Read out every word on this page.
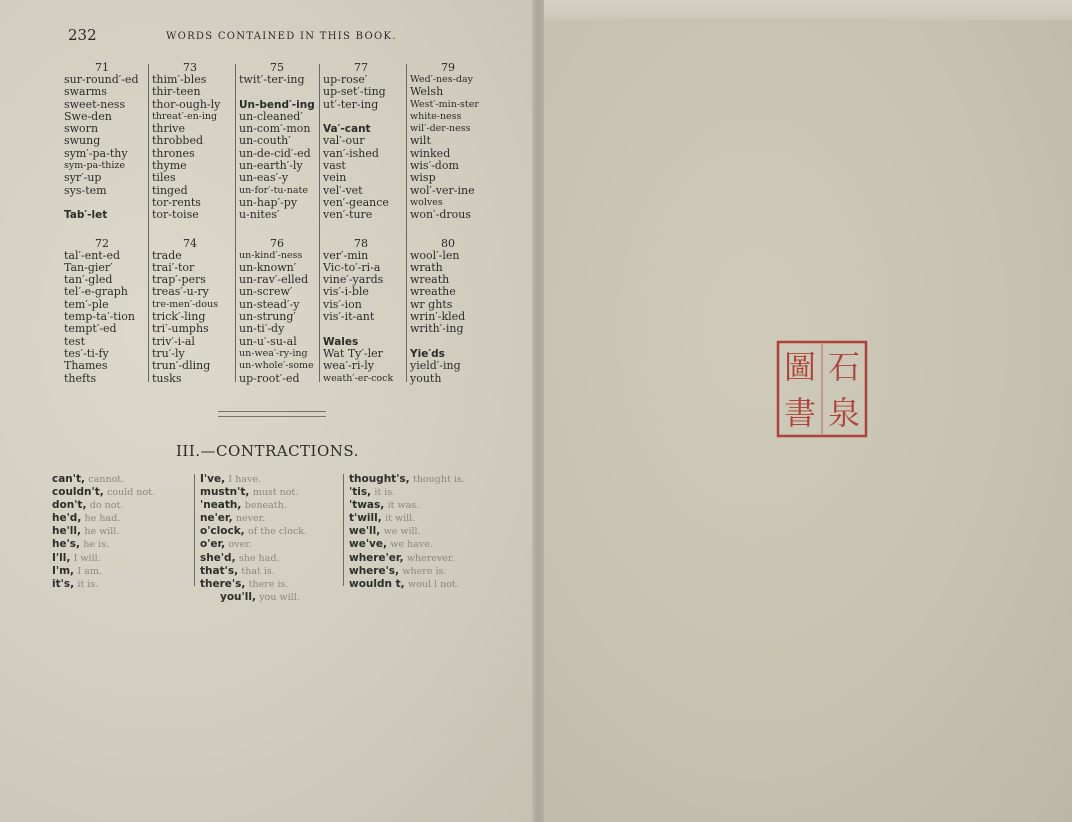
232	WORDS CONTAINED IN THIS BOOK.
71
sur-round′-ed
swarms
sweet-ness
Swe-den
sworn
swung
sym′-pa-thy
sym-pa-thize
syr′-up
sys-tem

Tab′-let
72
tal′-ent-ed
Tan-gier′
tan′-gled
tel′-e-graph
tem′-ple
temp-ta′-tion
tempt′-ed
test
tes′-ti-fy
Thames
thefts
73
thim′-bles
thir-teen
thor-ough-ly
threat′-en-ing
thrive
throbbed
thrones
thyme
tiles
tinged
tor-rents
tor-toise
74
trade
trai′-tor
trap′-pers
treas′-u-ry
tre-men′-dous
trick′-ling
tri′-umphs
triv′-i-al
tru′-ly
trun′-dling
tusks
75
twit′-ter-ing

Un-bend′-ing
un-cleaned′
un-com′-mon
un-couth′
un-de-cid′-ed
un-earth′-ly
un-eas′-y
un-for′-tu-nate
un-hap′-py
u-nites′
76
un-kind′-ness
un-known′
un-rav′-elled
un-screw′
un-stead′-y
un-strung′
un-ti′-dy
un-u′-su-al
un-wea′-ry-ing
un-whole′-some
up-root′-ed
77
up-rose′
up-set′-ting
ut′-ter-ing

Va′-cant
val′-our
van′-ished
vast
vein
vel′-vet
ven′-geance
ven′-ture
78
ver′-min
Vic-to′-ri-a
vine′-yards
vis′-i-ble
vis′-ion
vis′-it-ant

Wales
Wat Ty′-ler
wea′-ri-ly
weath′-er-cock
79
Wed′-nes-day
Welsh
West′-min-ster
white-ness
wil′-der-ness
wilt
winked
wis′-dom
wisp
wol′-ver-ine
wolves
won′-drous
80
wool′-len
wrath
wreath
wreathe
wr ghts
wrin′-kled
writh′-ing

Yie′ds
yield′-ing
youth
III.—CONTRACTIONS.
can't, cannot.
couldn't, could not.
don't, do not.
he'd, he had.
he'll, he will.
he's, he is.
I'll, I will.
I'm, I am.
it's, it is.
I've, I have.
mustn't, must not.
'neath, beneath.
ne'er, never.
o'clock, of the clock.
o'er, over.
she'd, she had.
that's, that is.
there's, there is.
you'll, you will.
thought's, thought is.
'tis, it is.
'twas, it was.
t'will, it will.
we'll, we will.
we've, we have.
where'er, wherever.
where's, where is.
wouldn t, woul l not.
石
泉
圖
書
